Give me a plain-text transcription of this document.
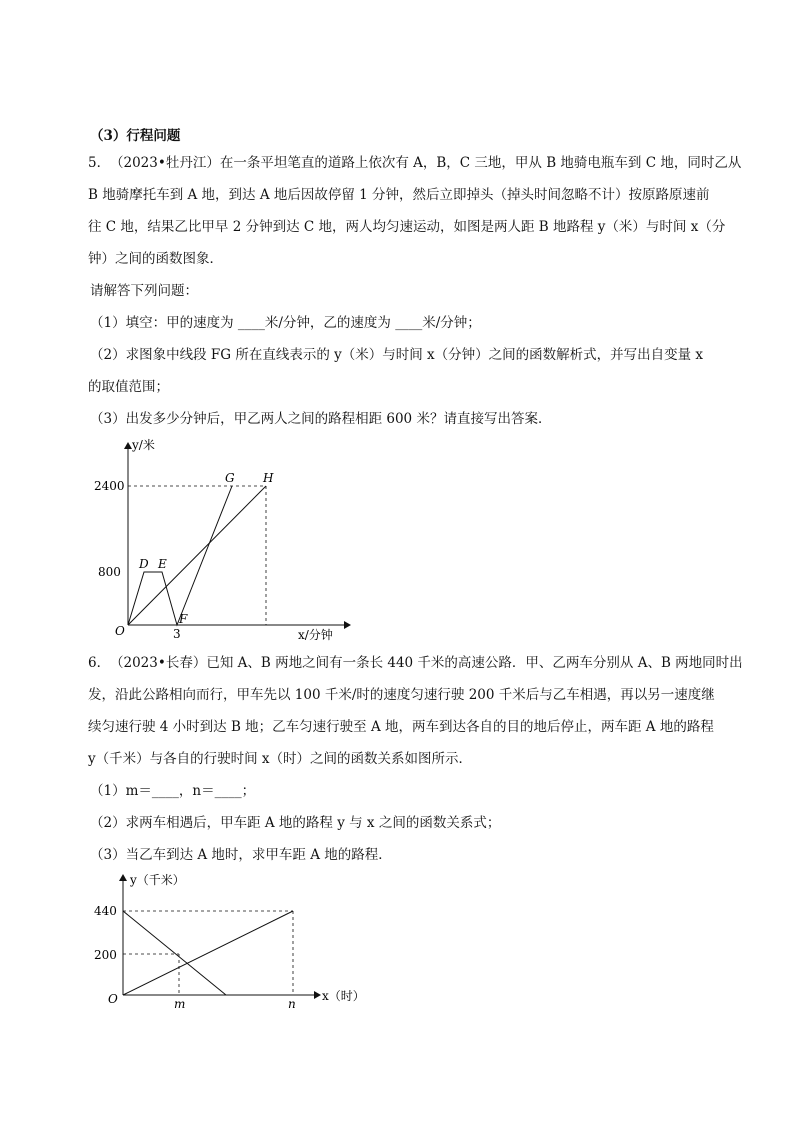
（3）行程问题
5．（2023•牡丹江）在一条平坦笔直的道路上依次有 A，B，C 三地，甲从 B 地骑电瓶车到 C 地，同时乙从
B 地骑摩托车到 A 地，到达 A 地后因故停留 1 分钟，然后立即掉头（掉头时间忽略不计）按原路原速前
往 C 地，结果乙比甲早 2 分钟到达 C 地，两人均匀速运动，如图是两人距 B 地路程 y（米）与时间 x（分
钟）之间的函数图象．
请解答下列问题：
（1）填空：甲的速度为 ____米/分钟，乙的速度为 ____米/分钟；
（2）求图象中线段 FG 所在直线表示的 y（米）与时间 x（分钟）之间的函数解析式，并写出自变量 x
的取值范围；
（3）出发多少分钟后，甲乙两人之间的路程相距 600 米？请直接写出答案．
y/米
x/分钟
O
2400
800
3
D E
F
G H
6．（2023•长春）已知 A、B 两地之间有一条长 440 千米的高速公路．甲、乙两车分别从 A、B 两地同时出
发，沿此公路相向而行，甲车先以 100 千米/时的速度匀速行驶 200 千米后与乙车相遇，再以另一速度继
续匀速行驶 4 小时到达 B 地；乙车匀速行驶至 A 地，两车到达各自的目的地后停止，两车距 A 地的路程
y（千米）与各自的行驶时间 x（时）之间的函数关系如图所示．
（1）m＝____，n＝____；
（2）求两车相遇后，甲车距 A 地的路程 y 与 x 之间的函数关系式；
（3）当乙车到达 A 地时，求甲车距 A 地的路程．
y（千米）
x（时）
O
440
200
m	n
